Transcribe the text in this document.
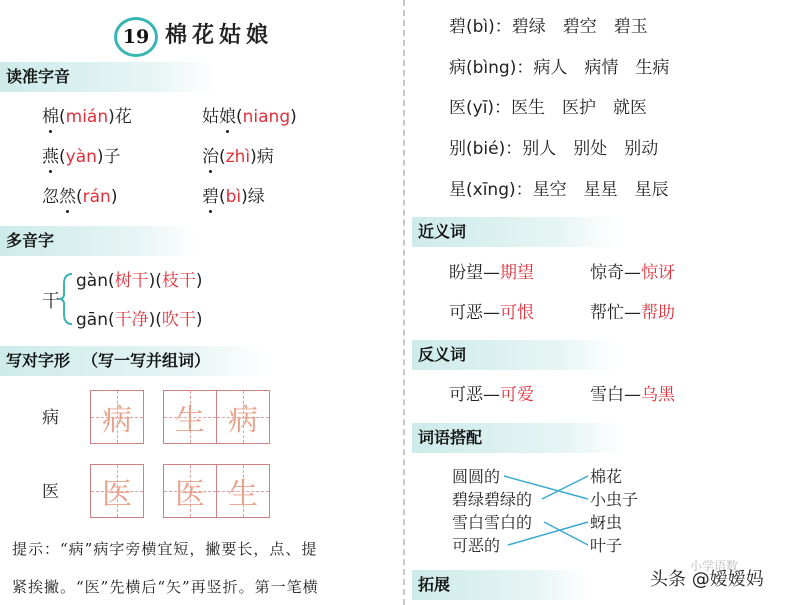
19 棉花姑娘
读准字音
棉(mián)花	姑娘(niang)
燕(yàn)子	治(zhì)病
忽然(rán)	碧(bì)绿
多音字
干
gàn(树干)(枝干)
gān(干净)(吹干)
写对字形 （写一写并组词）
病	病	生 病
医	医	医 生
提示：“病”病字旁横宜短，撇要长，点、提
紧挨撇。“医”先横后“矢”再竖折。第一笔横
碧(bì)：碧绿　碧空　碧玉
病(bìng)：病人　病情　生病
医(yī)：医生　医护　就医
别(bié)：别人　别处　别动
星(xīng)：星空　星星　星辰
近义词
盼望—期望	惊奇—惊讶
可恶—可恨	帮忙—帮助
反义词
可恶—可爱	雪白—乌黑
词语搭配
圆圆的
碧绿碧绿的
雪白雪白的
可恶的
棉花
小虫子
蚜虫
叶子
拓展
小学语数
头条 @嫒嫒妈
